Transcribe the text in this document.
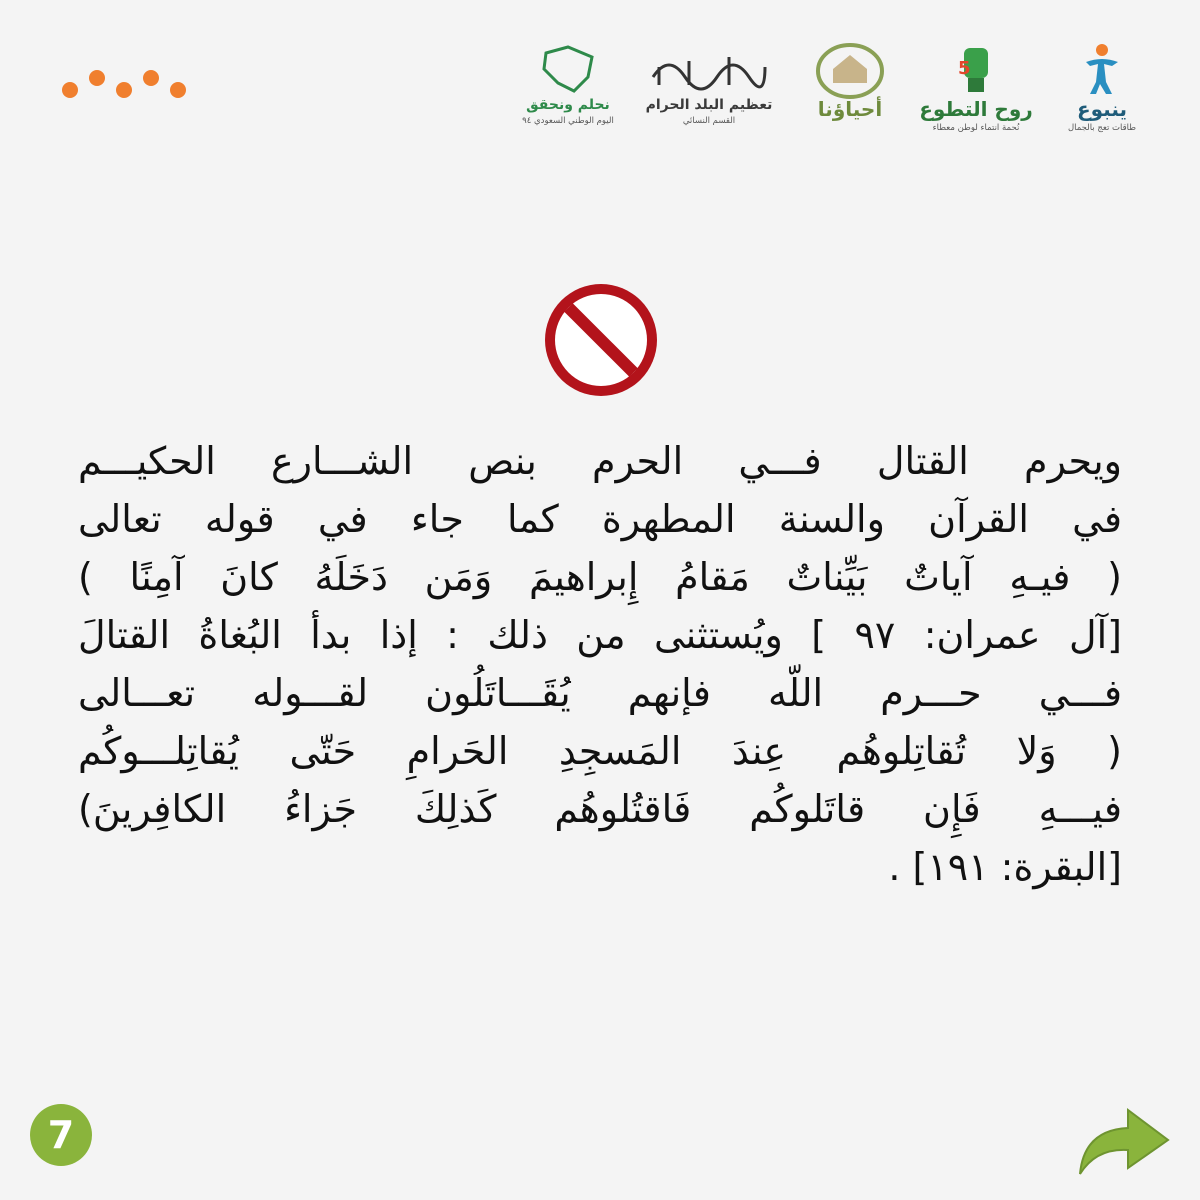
ينبوع
طاقات تعج بالجمال
5
روح التطوع
نُحمة انتماء لوطن معطاء
أحياؤنا
تعظيم البلد الحرام
القسم النسائي
نحلم ونحقق
اليوم الوطني السعودي ٩٤
ويحرم القتال فـــي الحرم بنص الشـــارع الحكيـــم
في القرآن والسنة المطهرة كما جاء في قوله تعالى
( فيـهِ آياتٌ بَيِّناتٌ مَقامُ إِبراهيمَ وَمَن دَخَلَهُ كانَ آمِنًا )
[آل عمران: ٩٧ ] ويُستثنى من ذلك : إذا بدأ البُغاةُ القتالَ
فـــي حـــرم اللّه فإنهم يُقَـــاتَلُون لقـــوله تعـــالى
( وَلا تُقاتِلوهُم عِندَ المَسجِدِ الحَرامِ حَتّى يُقاتِلـــوكُم
فيـــهِ فَإِن قاتَلوكُم فَاقتُلوهُم كَذلِكَ جَزاءُ الكافِرينَ)
[البقرة: ١٩١] .
7
